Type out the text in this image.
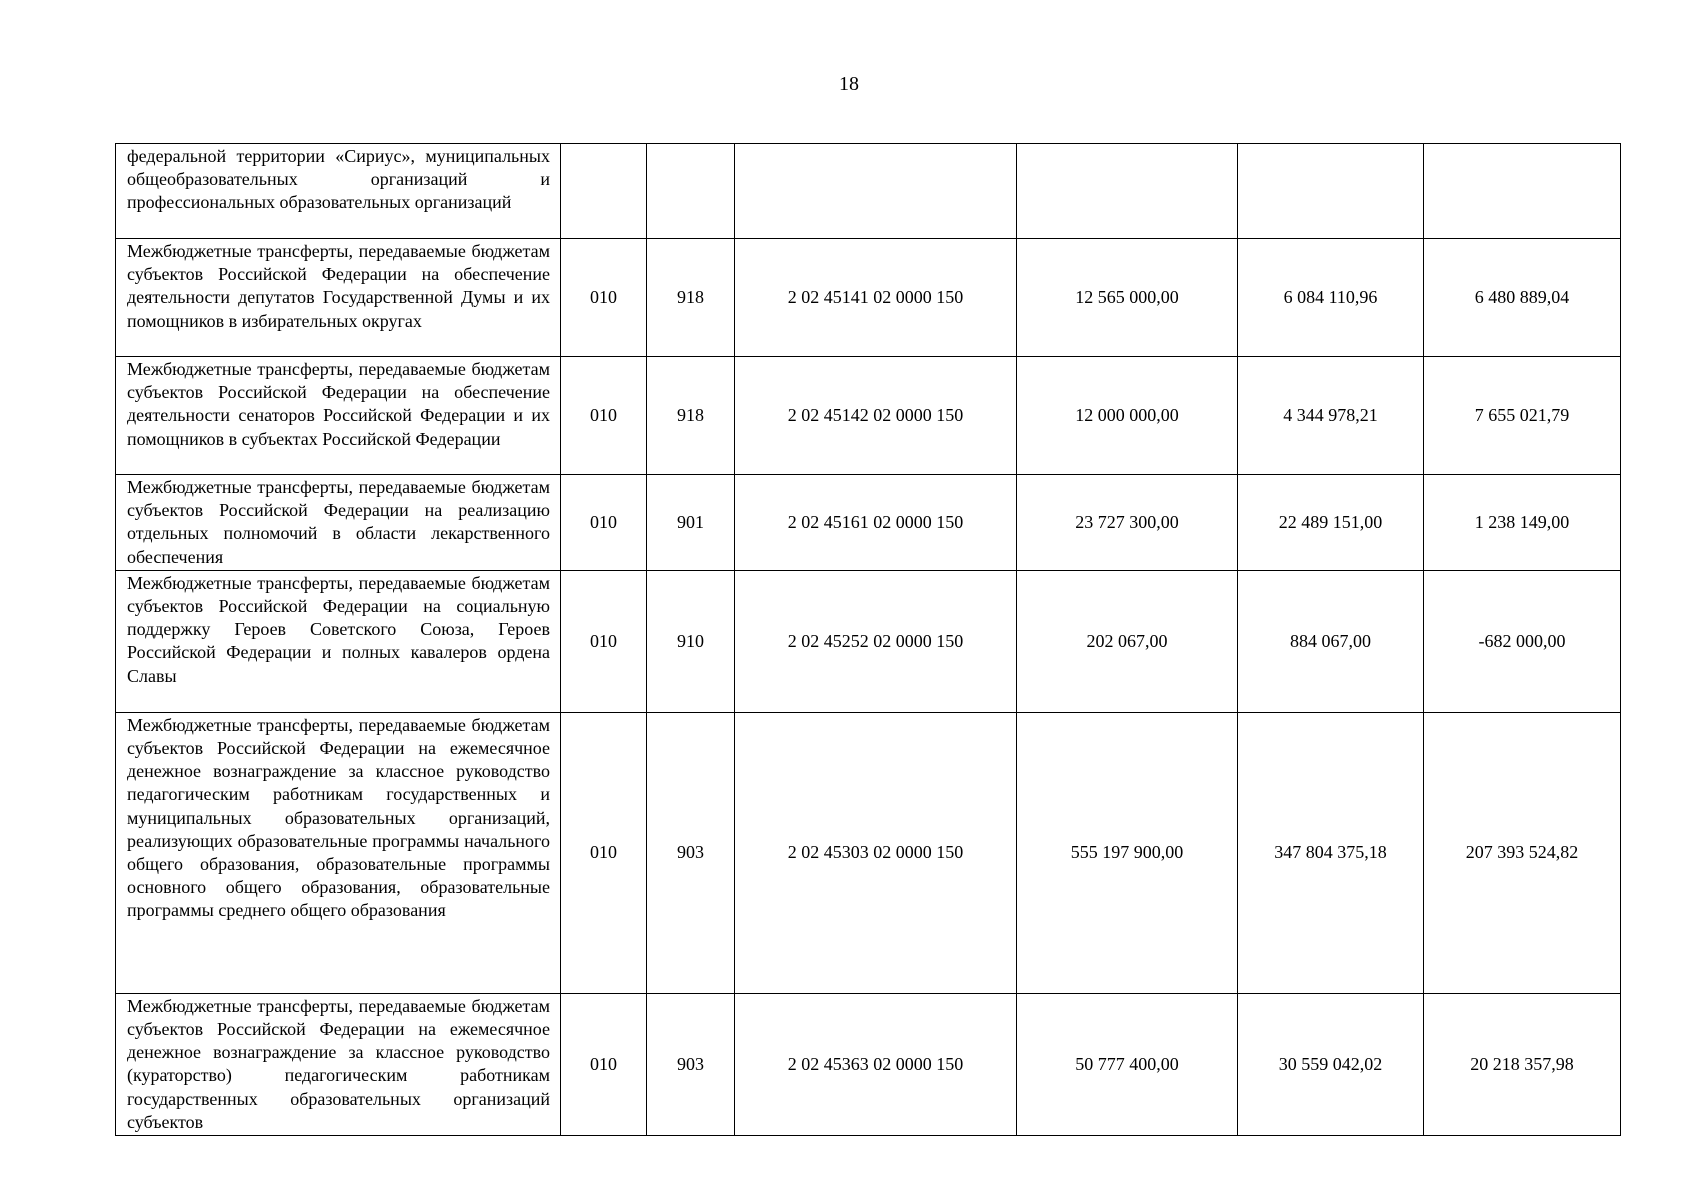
18
федеральной территории «Сириус», муниципальных общеобразовательных организаций и профессиональных образовательных организаций						
Межбюджетные трансферты, передаваемые бюджетам субъектов Российской Федерации на обеспечение деятельности депутатов Государственной Думы и их помощников в избирательных округах	010	918	2 02 45141 02 0000 150	12 565 000,00	6 084 110,96	6 480 889,04
Межбюджетные трансферты, передаваемые бюджетам субъектов Российской Федерации на обеспечение деятельности сенаторов Российской Федерации и их помощников в субъектах Российской Федерации	010	918	2 02 45142 02 0000 150	12 000 000,00	4 344 978,21	7 655 021,79
Межбюджетные трансферты, передаваемые бюджетам субъектов Российской Федерации на реализацию отдельных полномочий в области лекарственного обеспечения	010	901	2 02 45161 02 0000 150	23 727 300,00	22 489 151,00	1 238 149,00
Межбюджетные трансферты, передаваемые бюджетам субъектов Российской Федерации на социальную поддержку Героев Советского Союза, Героев Российской Федерации и полных кавалеров ордена Славы	010	910	2 02 45252 02 0000 150	202 067,00	884 067,00	-682 000,00
Межбюджетные трансферты, передаваемые бюджетам субъектов Российской Федерации на ежемесячное денежное вознаграждение за классное руководство педагогическим работникам государственных и муниципальных образовательных организаций, реализующих образовательные программы начального общего образования, образовательные программы основного общего образования, образовательные программы среднего общего образования	010	903	2 02 45303 02 0000 150	555 197 900,00	347 804 375,18	207 393 524,82
Межбюджетные трансферты, передаваемые бюджетам субъектов Российской Федерации на ежемесячное денежное вознаграждение за классное руководство (кураторство) педагогическим работникам государственных образовательных организаций субъектов	010	903	2 02 45363 02 0000 150	50 777 400,00	30 559 042,02	20 218 357,98
